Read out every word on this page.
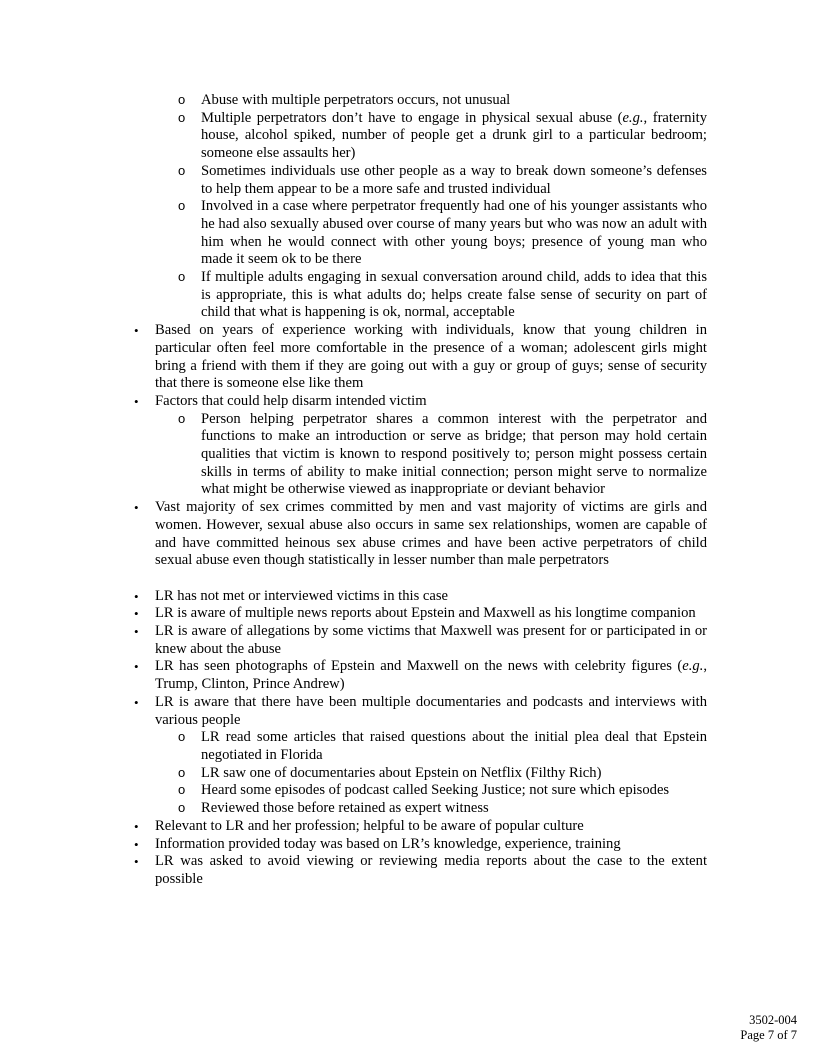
o Abuse with multiple perpetrators occurs, not unusual
o Multiple perpetrators don’t have to engage in physical sexual abuse (e.g., fraternity house, alcohol spiked, number of people get a drunk girl to a particular bedroom; someone else assaults her)
o Sometimes individuals use other people as a way to break down someone’s defenses to help them appear to be a more safe and trusted individual
o Involved in a case where perpetrator frequently had one of his younger assistants who he had also sexually abused over course of many years but who was now an adult with him when he would connect with other young boys; presence of young man who made it seem ok to be there
o If multiple adults engaging in sexual conversation around child, adds to idea that this is appropriate, this is what adults do; helps create false sense of security on part of child that what is happening is ok, normal, acceptable
• Based on years of experience working with individuals, know that young children in particular often feel more comfortable in the presence of a woman; adolescent girls might bring a friend with them if they are going out with a guy or group of guys; sense of security that there is someone else like them
• Factors that could help disarm intended victim
o Person helping perpetrator shares a common interest with the perpetrator and functions to make an introduction or serve as bridge; that person may hold certain qualities that victim is known to respond positively to; person might possess certain skills in terms of ability to make initial connection; person might serve to normalize what might be otherwise viewed as inappropriate or deviant behavior
• Vast majority of sex crimes committed by men and vast majority of victims are girls and women. However, sexual abuse also occurs in same sex relationships, women are capable of and have committed heinous sex abuse crimes and have been active perpetrators of child sexual abuse even though statistically in lesser number than male perpetrators
• LR has not met or interviewed victims in this case
• LR is aware of multiple news reports about Epstein and Maxwell as his longtime companion
• LR is aware of allegations by some victims that Maxwell was present for or participated in or knew about the abuse
• LR has seen photographs of Epstein and Maxwell on the news with celebrity figures (e.g., Trump, Clinton, Prince Andrew)
• LR is aware that there have been multiple documentaries and podcasts and interviews with various people
o LR read some articles that raised questions about the initial plea deal that Epstein negotiated in Florida
o LR saw one of documentaries about Epstein on Netflix (Filthy Rich)
o Heard some episodes of podcast called Seeking Justice; not sure which episodes
o Reviewed those before retained as expert witness
• Relevant to LR and her profession; helpful to be aware of popular culture
• Information provided today was based on LR’s knowledge, experience, training
• LR was asked to avoid viewing or reviewing media reports about the case to the extent possible
3502-004
Page 7 of 7
